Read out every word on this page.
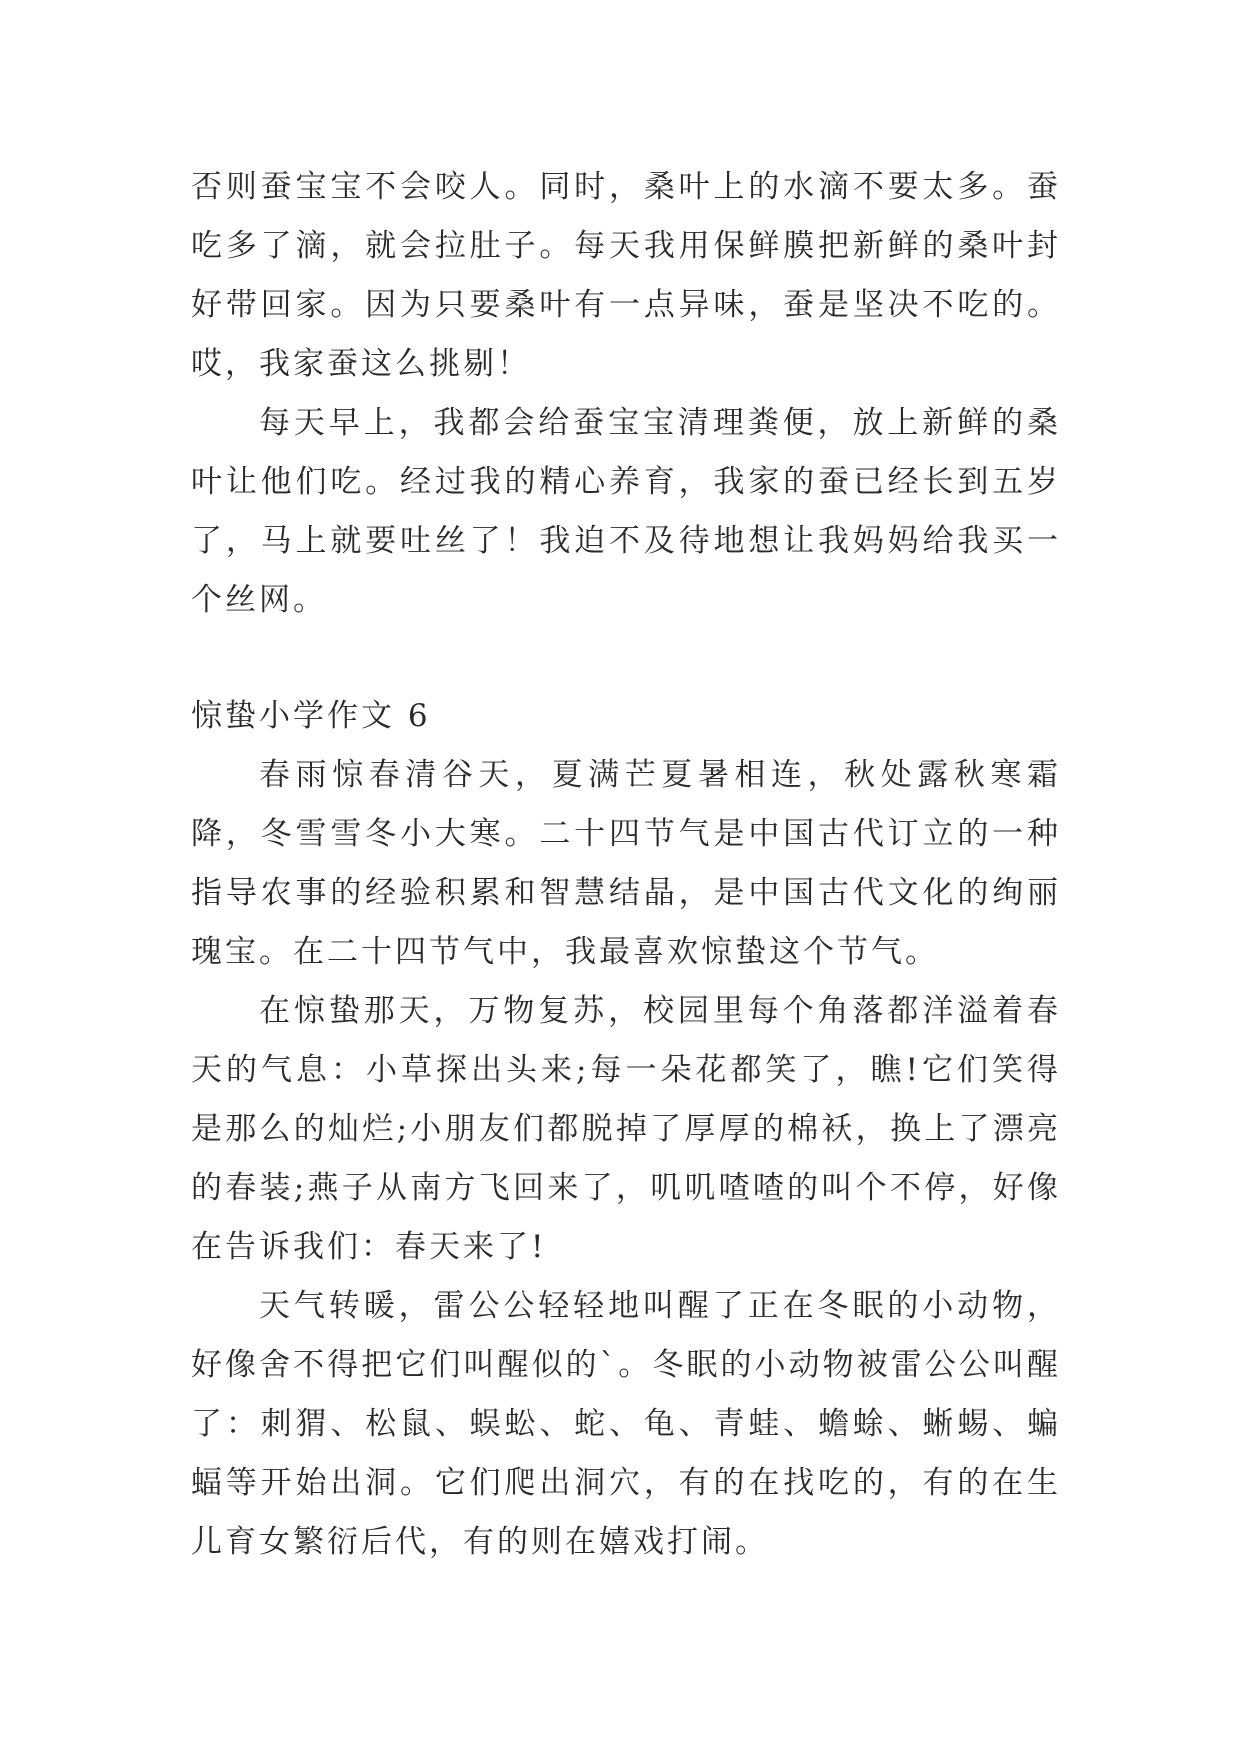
否则蚕宝宝不会咬人。同时，桑叶上的水滴不要太多。蚕吃多了滴，就会拉肚子。每天我用保鲜膜把新鲜的桑叶封好带回家。因为只要桑叶有一点异味，蚕是坚决不吃的。哎，我家蚕这么挑剔！

每天早上，我都会给蚕宝宝清理粪便，放上新鲜的桑叶让他们吃。经过我的精心养育，我家的蚕已经长到五岁了，马上就要吐丝了！我迫不及待地想让我妈妈给我买一个丝网。

惊蛰小学作文 6

春雨惊春清谷天，夏满芒夏暑相连，秋处露秋寒霜降，冬雪雪冬小大寒。二十四节气是中国古代订立的一种指导农事的经验积累和智慧结晶，是中国古代文化的绚丽瑰宝。在二十四节气中，我最喜欢惊蛰这个节气。

在惊蛰那天，万物复苏，校园里每个角落都洋溢着春天的气息：小草探出头来;每一朵花都笑了，瞧!它们笑得是那么的灿烂;小朋友们都脱掉了厚厚的棉袄，换上了漂亮的春装;燕子从南方飞回来了，叽叽喳喳的叫个不停，好像在告诉我们：春天来了!

天气转暖，雷公公轻轻地叫醒了正在冬眠的小动物，好像舍不得把它们叫醒似的`。冬眠的小动物被雷公公叫醒了：刺猬、松鼠、蜈蚣、蛇、龟、青蛙、蟾蜍、蜥蜴、蝙蝠等开始出洞。它们爬出洞穴，有的在找吃的，有的在生儿育女繁衍后代，有的则在嬉戏打闹。
